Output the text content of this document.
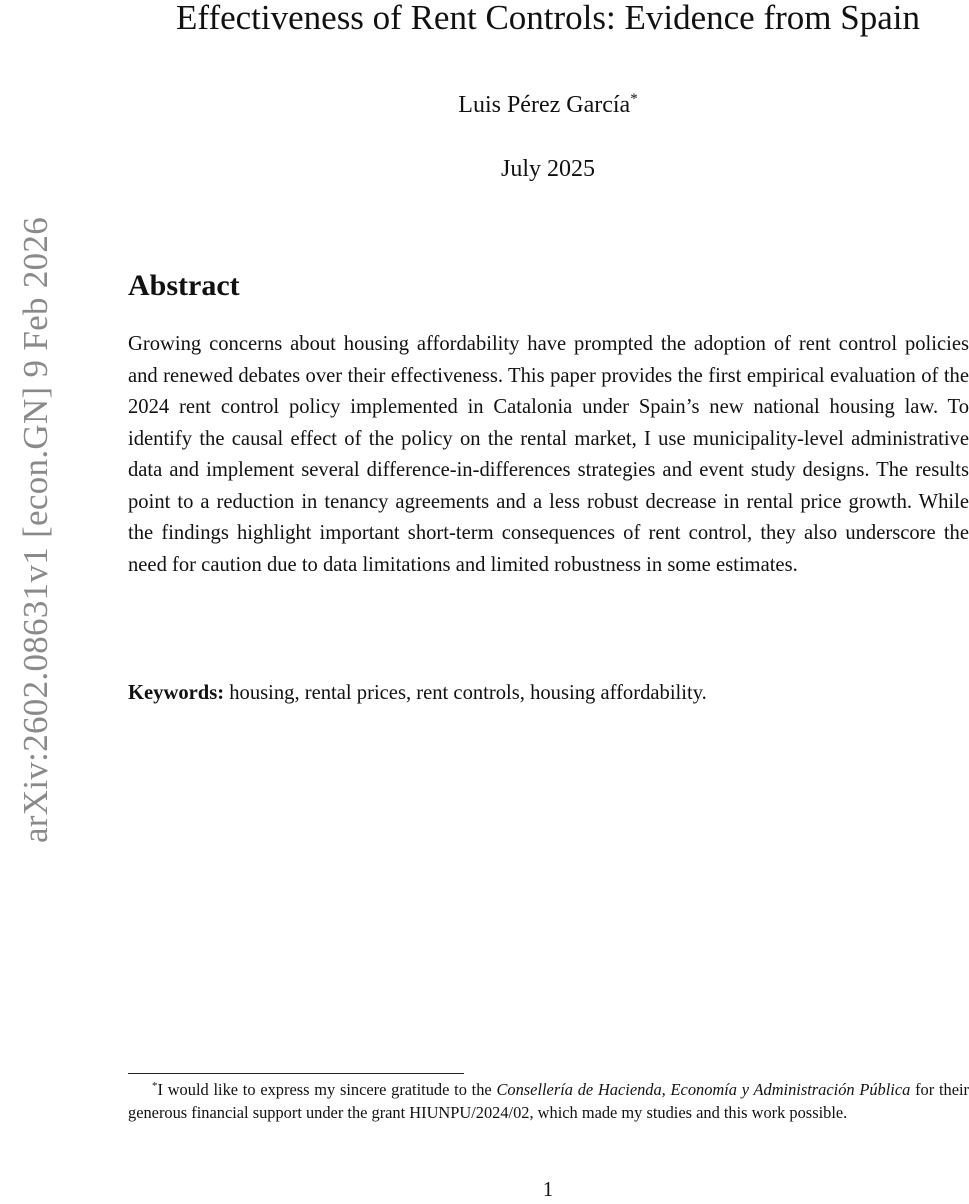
arXiv:2602.08631v1 [econ.GN] 9 Feb 2026
Effectiveness of Rent Controls: Evidence from Spain
Luis Pérez García*
July 2025
Abstract

Growing concerns about housing affordability have prompted the adoption of rent control policies and renewed debates over their effectiveness. This paper provides the first empirical evaluation of the 2024 rent control policy implemented in Catalonia under Spain’s new national housing law. To identify the causal effect of the policy on the rental market, I use municipality-level administrative data and implement several difference-in-differences strategies and event study designs. The results point to a reduction in tenancy agreements and a less robust decrease in rental price growth. While the findings highlight important short-term consequences of rent control, they also underscore the need for caution due to data limitations and limited robustness in some estimates.

Keywords: housing, rental prices, rent controls, housing affordability.

*I would like to express my sincere gratitude to the Consellería de Hacienda, Economía y Administración Pública for their generous financial support under the grant HIUNPU/2024/02, which made my studies and this work possible.

1
